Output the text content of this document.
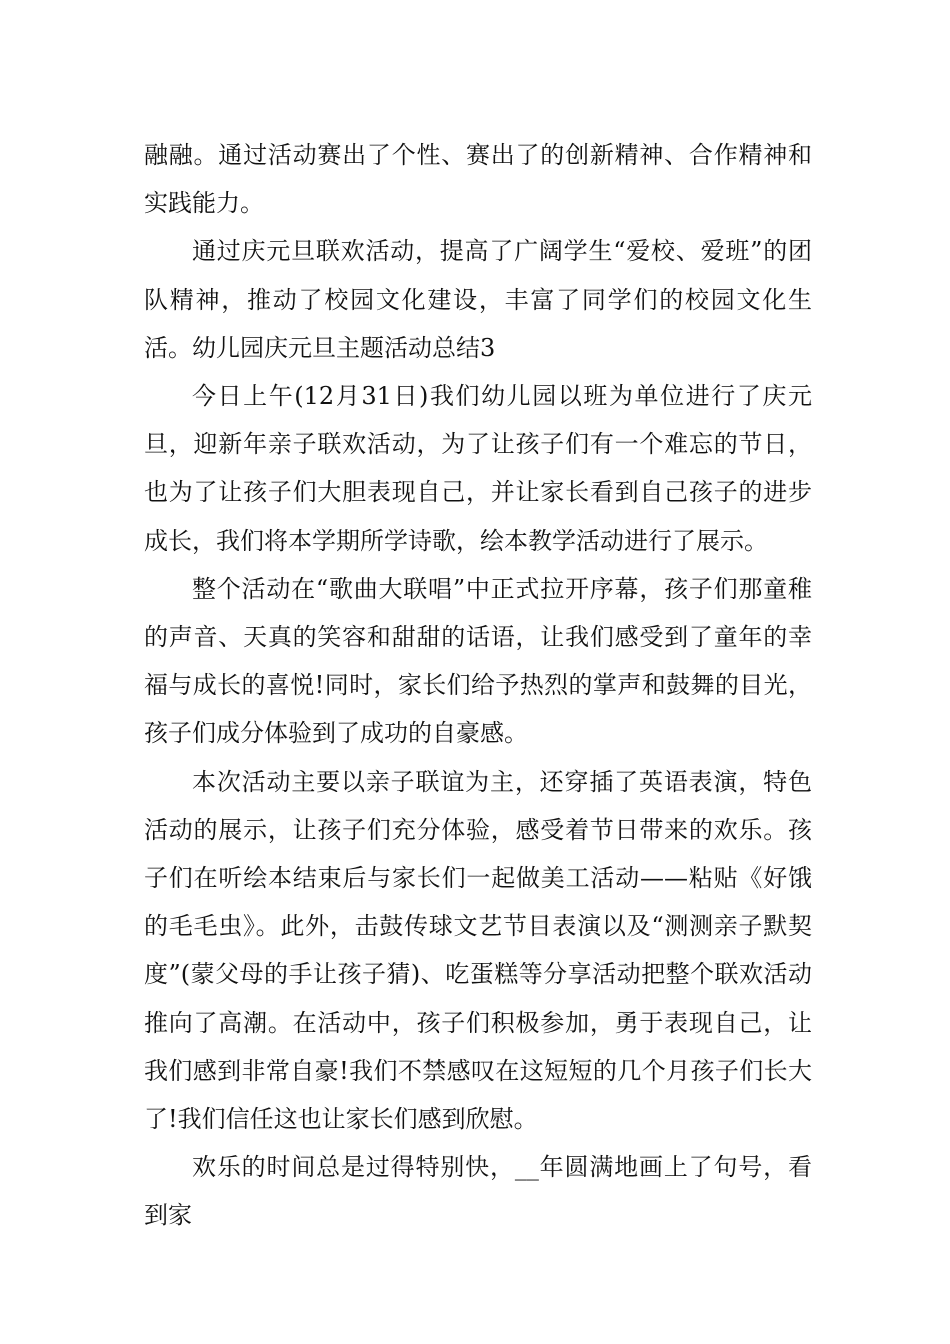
融融。通过活动赛出了个性、赛出了的创新精神、合作精神和实践能力。

通过庆元旦联欢活动，提高了广阔学生“爱校、爱班”的团队精神，推动了校园文化建设，丰富了同学们的校园文化生活。幼儿园庆元旦主题活动总结3

今日上午(12月31日)我们幼儿园以班为单位进行了庆元旦，迎新年亲子联欢活动，为了让孩子们有一个难忘的节日，也为了让孩子们大胆表现自己，并让家长看到自己孩子的进步成长，我们将本学期所学诗歌，绘本教学活动进行了展示。

整个活动在“歌曲大联唱”中正式拉开序幕，孩子们那童稚的声音、天真的笑容和甜甜的话语，让我们感受到了童年的幸福与成长的喜悦!同时，家长们给予热烈的掌声和鼓舞的目光，孩子们成分体验到了成功的自豪感。

本次活动主要以亲子联谊为主，还穿插了英语表演，特色活动的展示，让孩子们充分体验，感受着节日带来的欢乐。孩子们在听绘本结束后与家长们一起做美工活动——粘贴《好饿的毛毛虫》。此外，击鼓传球文艺节目表演以及“测测亲子默契度”(蒙父母的手让孩子猜)、吃蛋糕等分享活动把整个联欢活动推向了高潮。在活动中，孩子们积极参加，勇于表现自己，让我们感到非常自豪!我们不禁感叹在这短短的几个月孩子们长大了!我们信任这也让家长们感到欣慰。

欢乐的时间总是过得特别快，__年圆满地画上了句号，看到家
